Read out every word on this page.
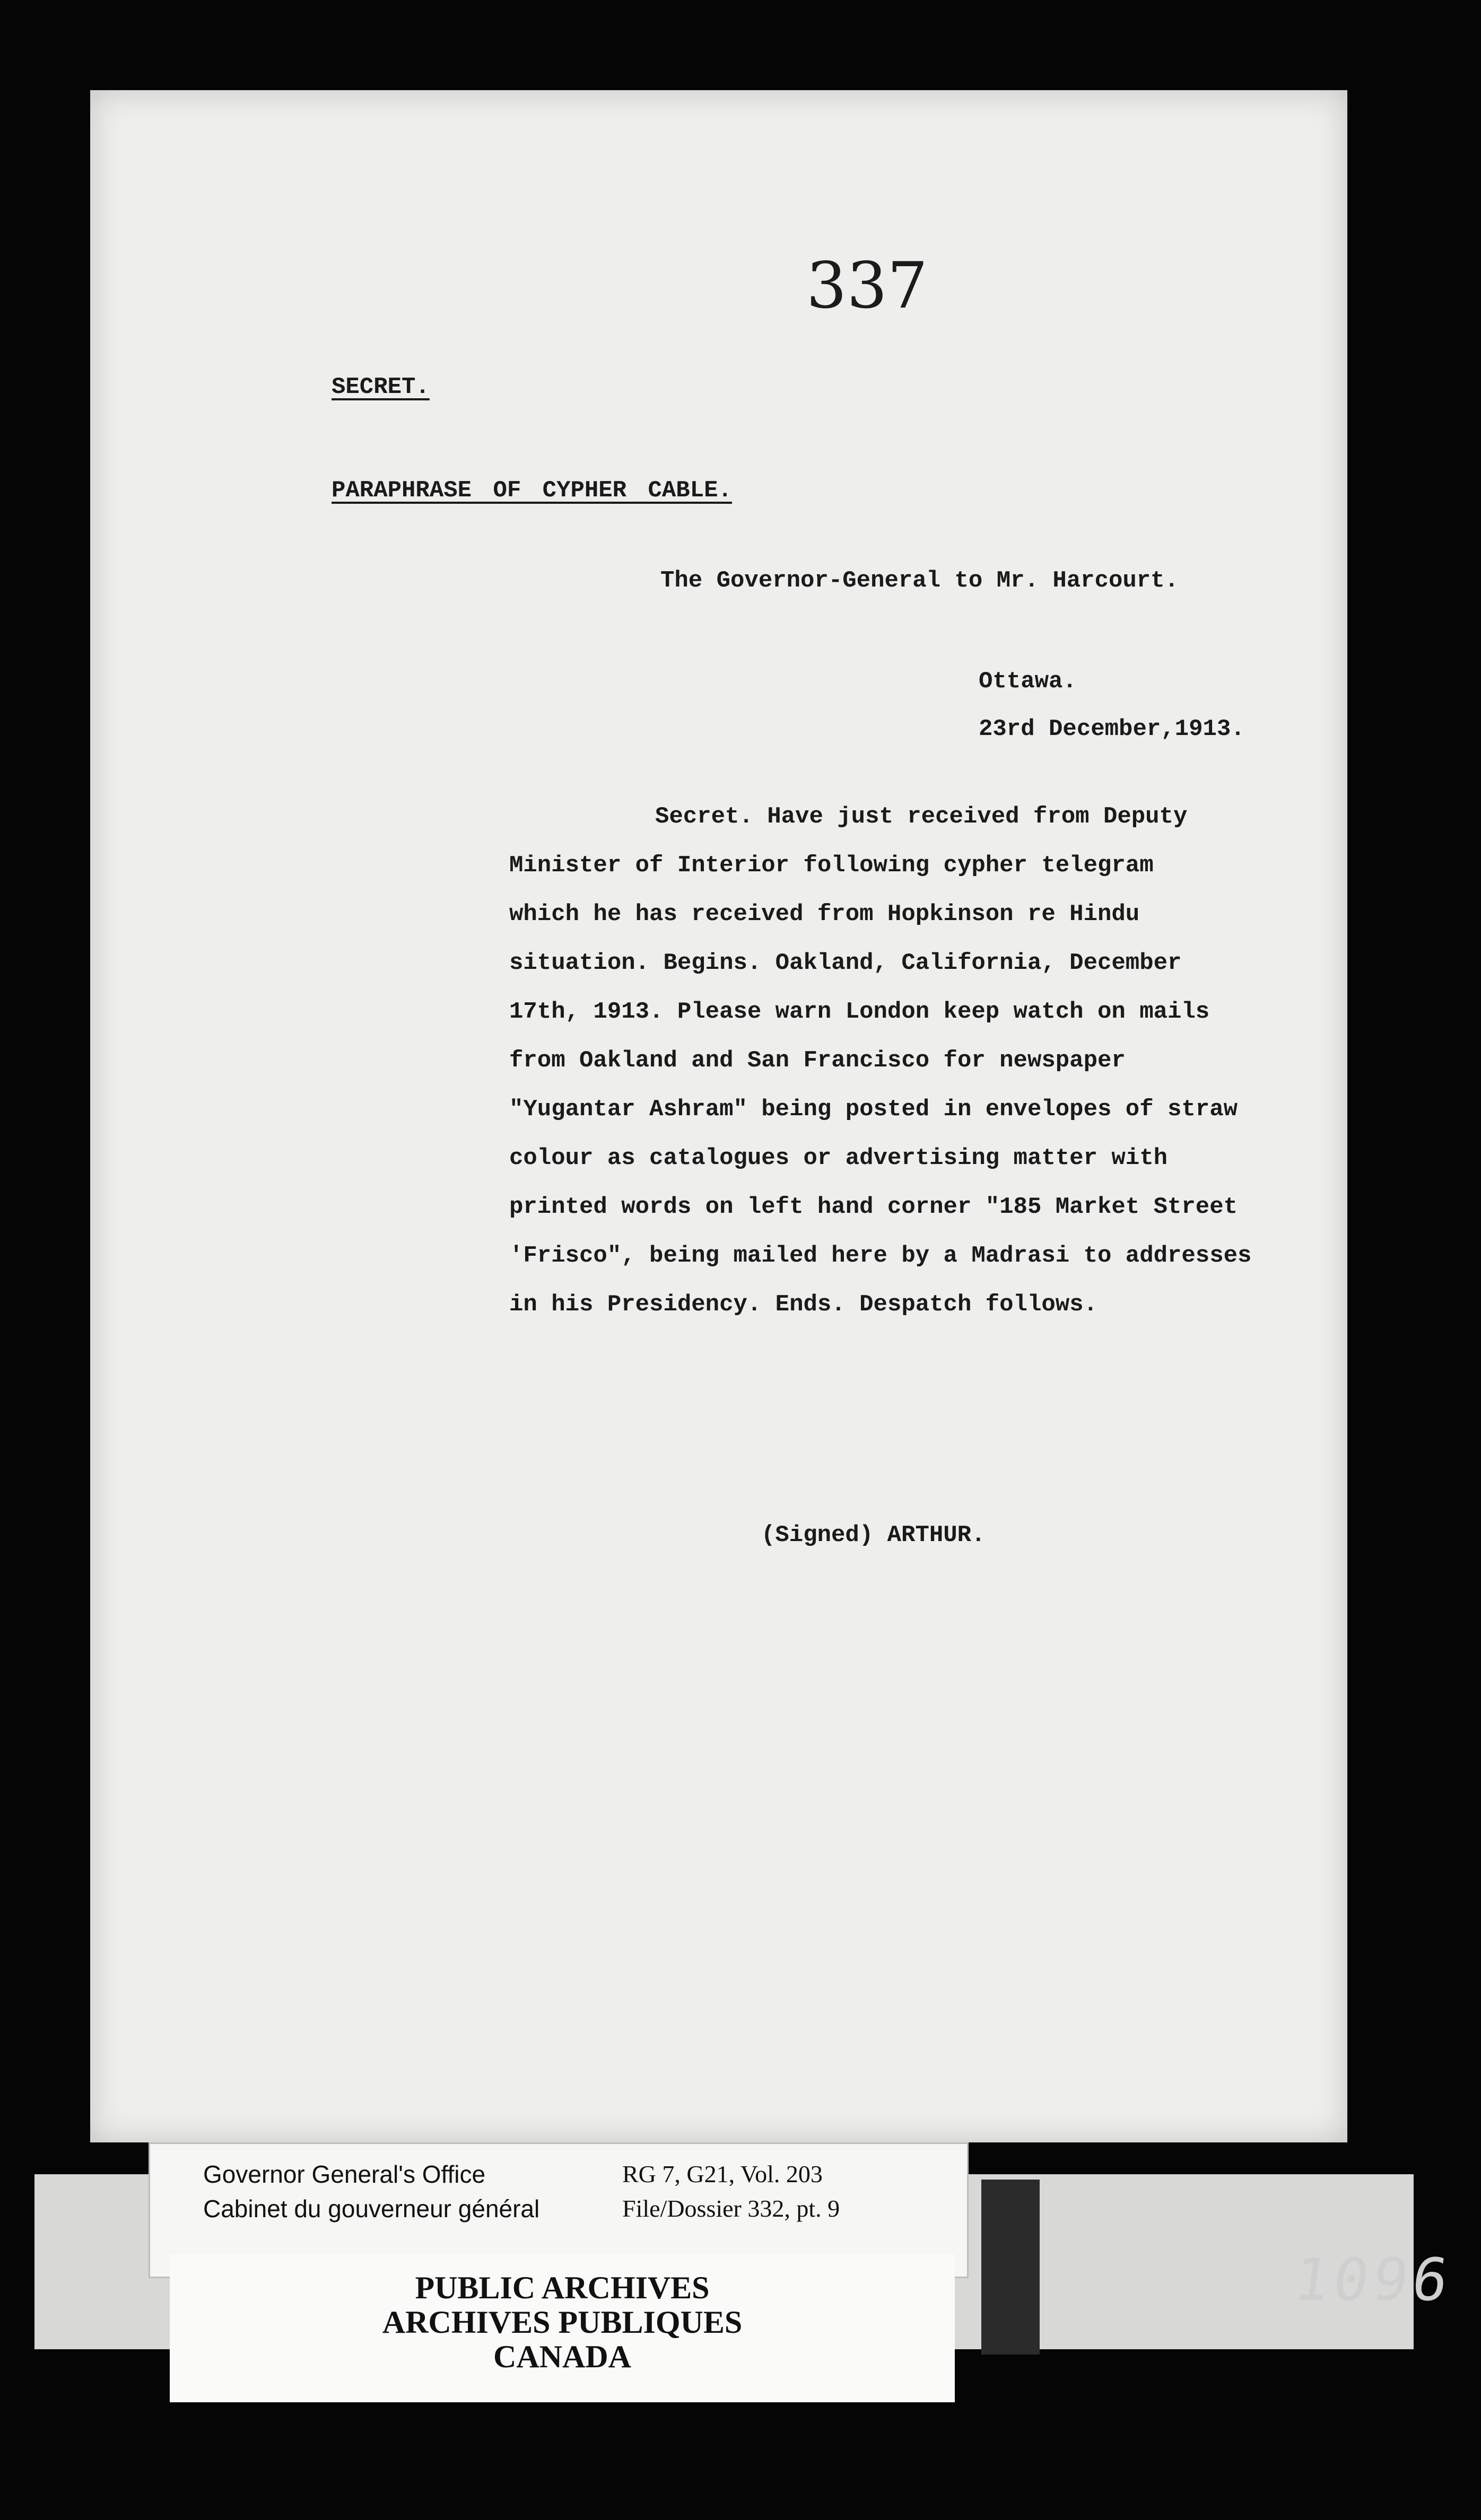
337

SECRET.

PARAPHRASE OF CYPHER CABLE.

The Governor-General to Mr. Harcourt.

Ottawa.

23rd December,1913.

Secret. Have just received from Deputy

Minister of Interior following cypher telegram

which he has received from Hopkinson re Hindu

situation. Begins. Oakland, California, December

17th, 1913. Please warn London keep watch on mails

from Oakland and San Francisco for newspaper

"Yugantar Ashram" being posted in envelopes of straw

colour as catalogues or advertising matter with

printed words on left hand corner "185 Market Street

'Frisco", being mailed here by a Madrasi to addresses

in his Presidency. Ends. Despatch follows.

(Signed) ARTHUR.

Governor General's Office

Cabinet du gouverneur général

RG 7, G21, Vol. 203

File/Dossier 332, pt. 9

PUBLIC ARCHIVES

ARCHIVES PUBLIQUES

CANADA

1096
